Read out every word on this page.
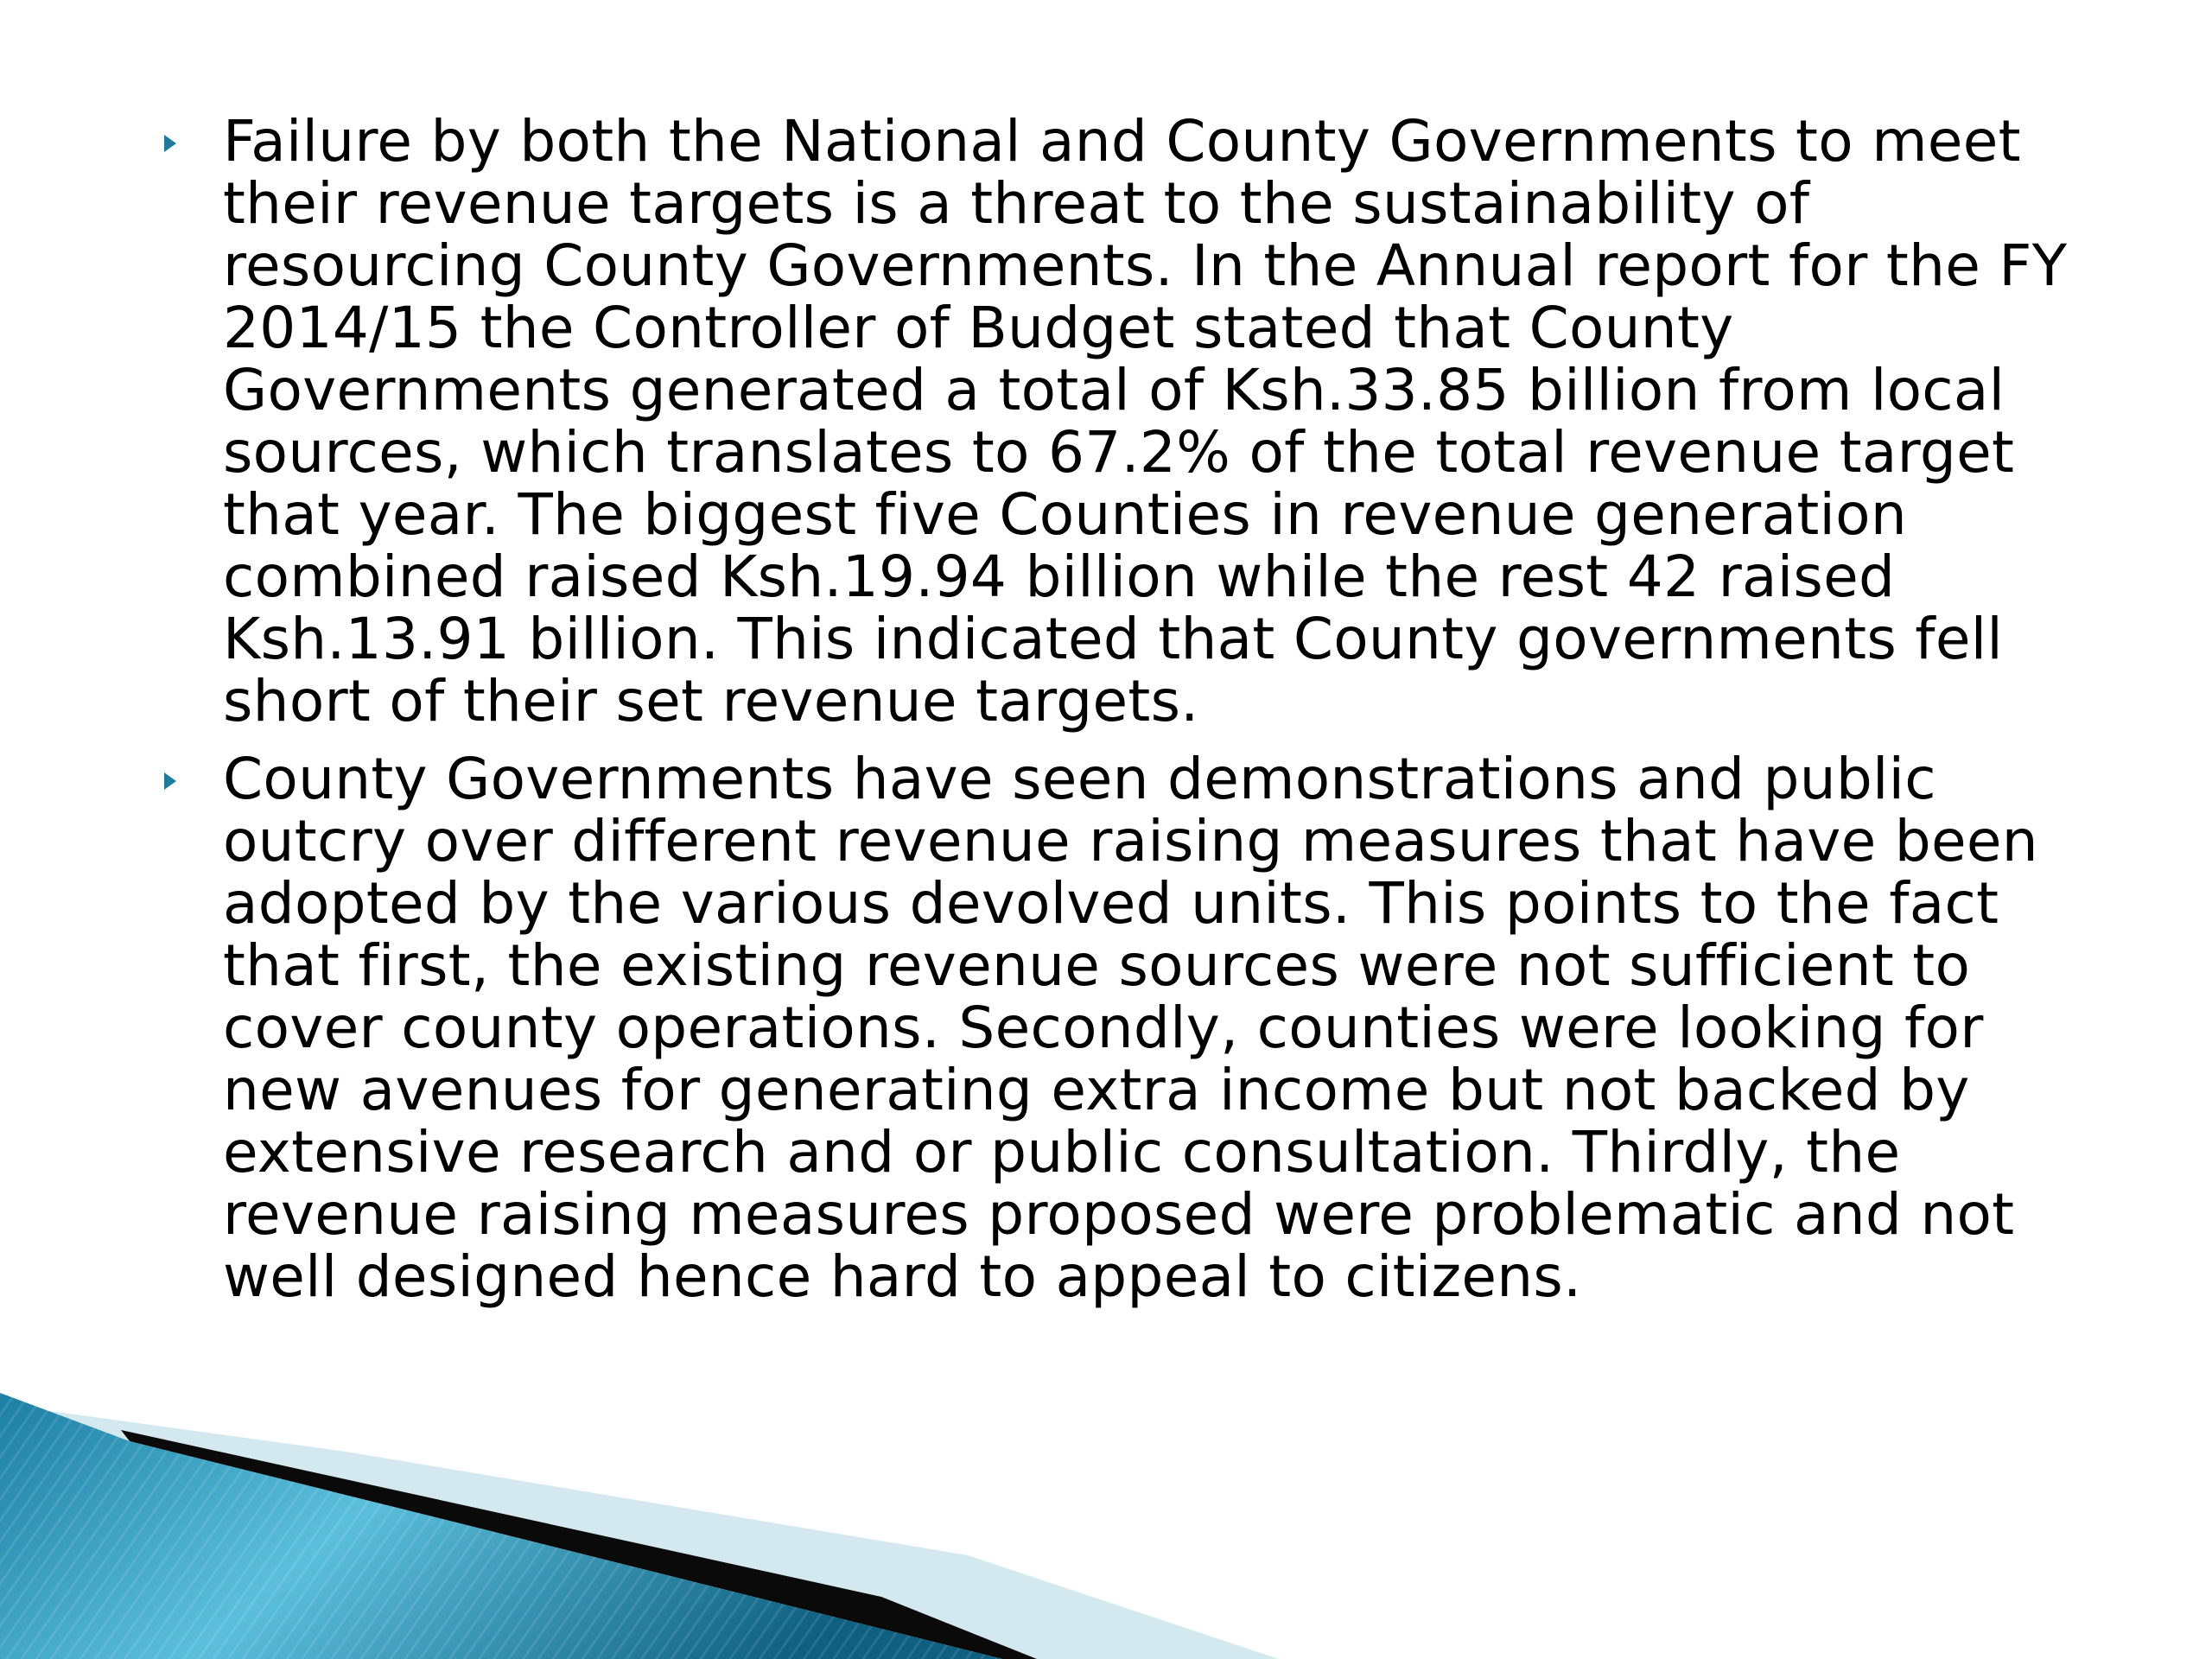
Failure by both the National and County Governments to meet their revenue targets is a threat to the sustainability of resourcing County Governments. In the Annual report for the FY 2014/15 the Controller of Budget stated that County Governments generated a total of Ksh.33.85 billion from local sources, which translates to 67.2% of the total revenue target that year. The biggest five Counties in revenue generation combined raised Ksh.19.94 billion while the rest 42 raised Ksh.13.91 billion. This indicated that County governments fell short of their set revenue targets.
County Governments have seen demonstrations and public outcry over different revenue raising measures that have been adopted by the various devolved units. This points to the fact that first, the existing revenue sources were not sufficient to cover county operations. Secondly, counties were looking for new avenues for generating extra income but not backed by extensive research and or public consultation. Thirdly, the revenue raising measures proposed were problematic and not well designed hence hard to appeal to citizens.
